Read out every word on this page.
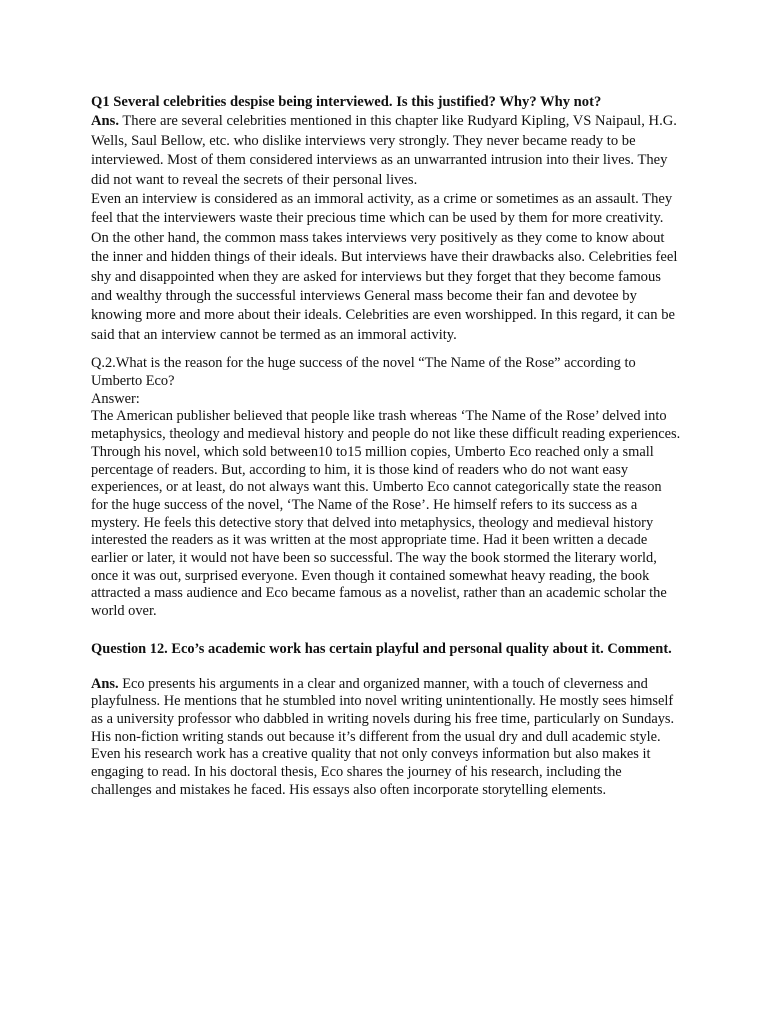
Q1 Several celebrities despise being interviewed. Is this justified? Why? Why not?

Ans. There are several celebrities mentioned in this chapter like Rudyard Kipling, VS Naipaul, H.G. Wells, Saul Bellow, etc. who dislike interviews very strongly. They never became ready to be interviewed. Most of them considered interviews as an unwarranted intrusion into their lives. They did not want to reveal the secrets of their personal lives.

Even an interview is considered as an immoral activity, as a crime or sometimes as an assault. They feel that the interviewers waste their precious time which can be used by them for more creativity. On the other hand, the common mass takes interviews very positively as they come to know about the inner and hidden things of their ideals. But interviews have their drawbacks also. Celebrities feel shy and disappointed when they are asked for interviews but they forget that they become famous and wealthy through the successful interviews General mass become their fan and devotee by knowing more and more about their ideals. Celebrities are even worshipped. In this regard, it can be said that an interview cannot be termed as an immoral activity.

Q.2.What is the reason for the huge success of the novel “The Name of the Rose” according to Umberto Eco?

Answer:

The American publisher believed that people like trash whereas ‘The Name of the Rose’ delved into metaphysics, theology and medieval history and people do not like these difficult reading experiences. Through his novel, which sold between10 to15 million copies, Umberto Eco reached only a small percentage of readers. But, according to him, it is those kind of readers who do not want easy experiences, or at least, do not always want this. Umberto Eco cannot categorically state the reason for the huge success of the novel, ‘The Name of the Rose’. He himself refers to its success as a mystery. He feels this detective story that delved into metaphysics, theology and medieval history interested the readers as it was written at the most appropriate time. Had it been written a decade earlier or later, it would not have been so successful. The way the book stormed the literary world, once it was out, surprised everyone. Even though it contained somewhat heavy reading, the book attracted a mass audience and Eco became famous as a novelist, rather than an academic scholar the world over.

Question 12. Eco’s academic work has certain playful and personal quality about it. Comment.

Ans. Eco presents his arguments in a clear and organized manner, with a touch of cleverness and playfulness. He mentions that he stumbled into novel writing unintentionally. He mostly sees himself as a university professor who dabbled in writing novels during his free time, particularly on Sundays. His non-fiction writing stands out because it’s different from the usual dry and dull academic style. Even his research work has a creative quality that not only conveys information but also makes it engaging to read. In his doctoral thesis, Eco shares the journey of his research, including the challenges and mistakes he faced. His essays also often incorporate storytelling elements.
